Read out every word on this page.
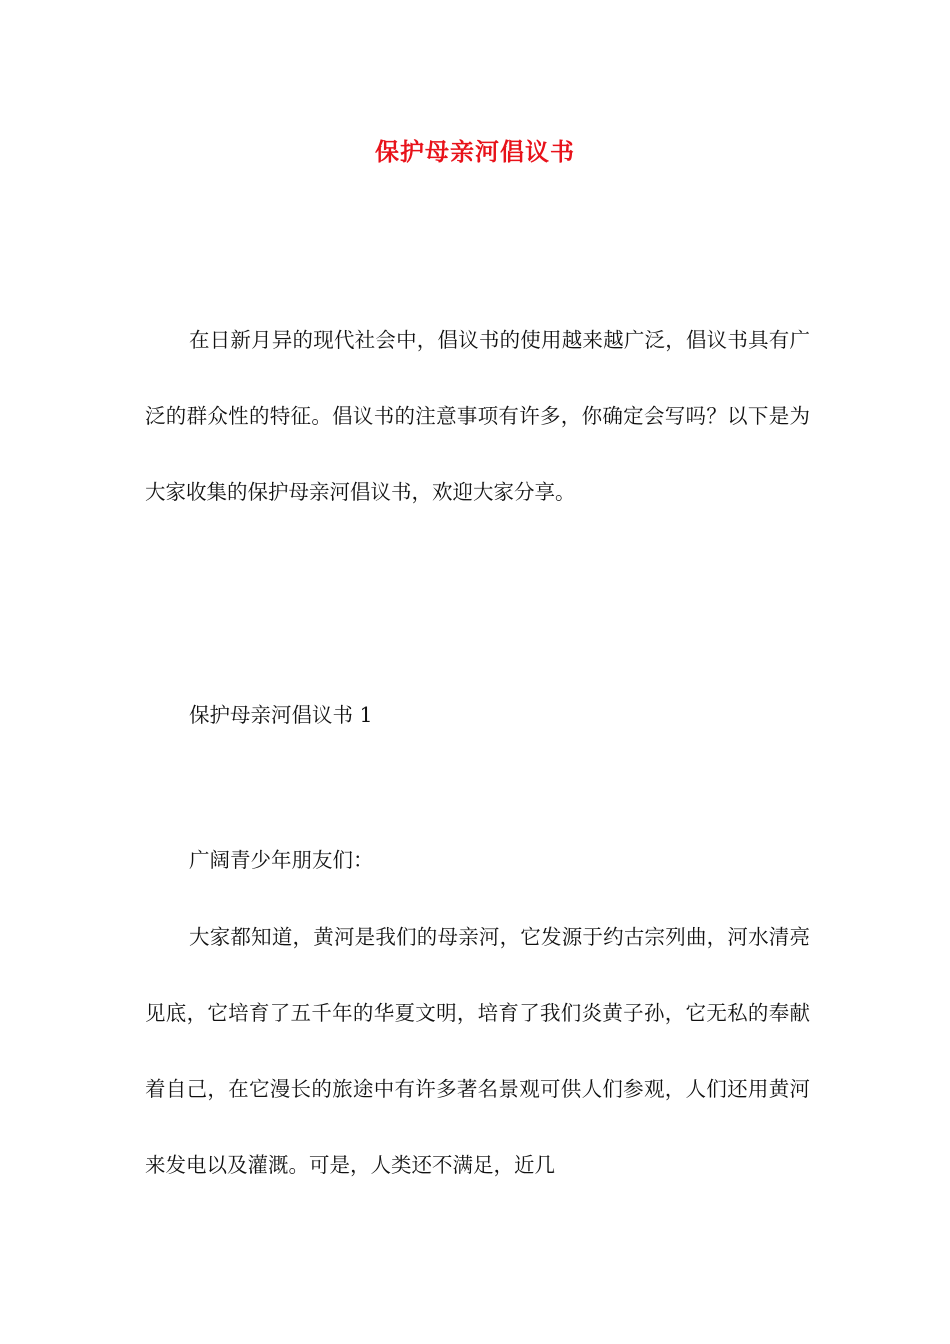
保护母亲河倡议书
在日新月异的现代社会中，倡议书的使用越来越广泛，倡议书具有广泛的群众性的特征。倡议书的注意事项有许多，你确定会写吗？以下是为大家收集的保护母亲河倡议书，欢迎大家分享。
保护母亲河倡议书 1
广阔青少年朋友们：
大家都知道，黄河是我们的母亲河，它发源于约古宗列曲，河水清亮见底，它培育了五千年的华夏文明，培育了我们炎黄子孙，它无私的奉献着自己，在它漫长的旅途中有许多著名景观可供人们参观，人们还用黄河来发电以及灌溉。可是，人类还不满足，近几
